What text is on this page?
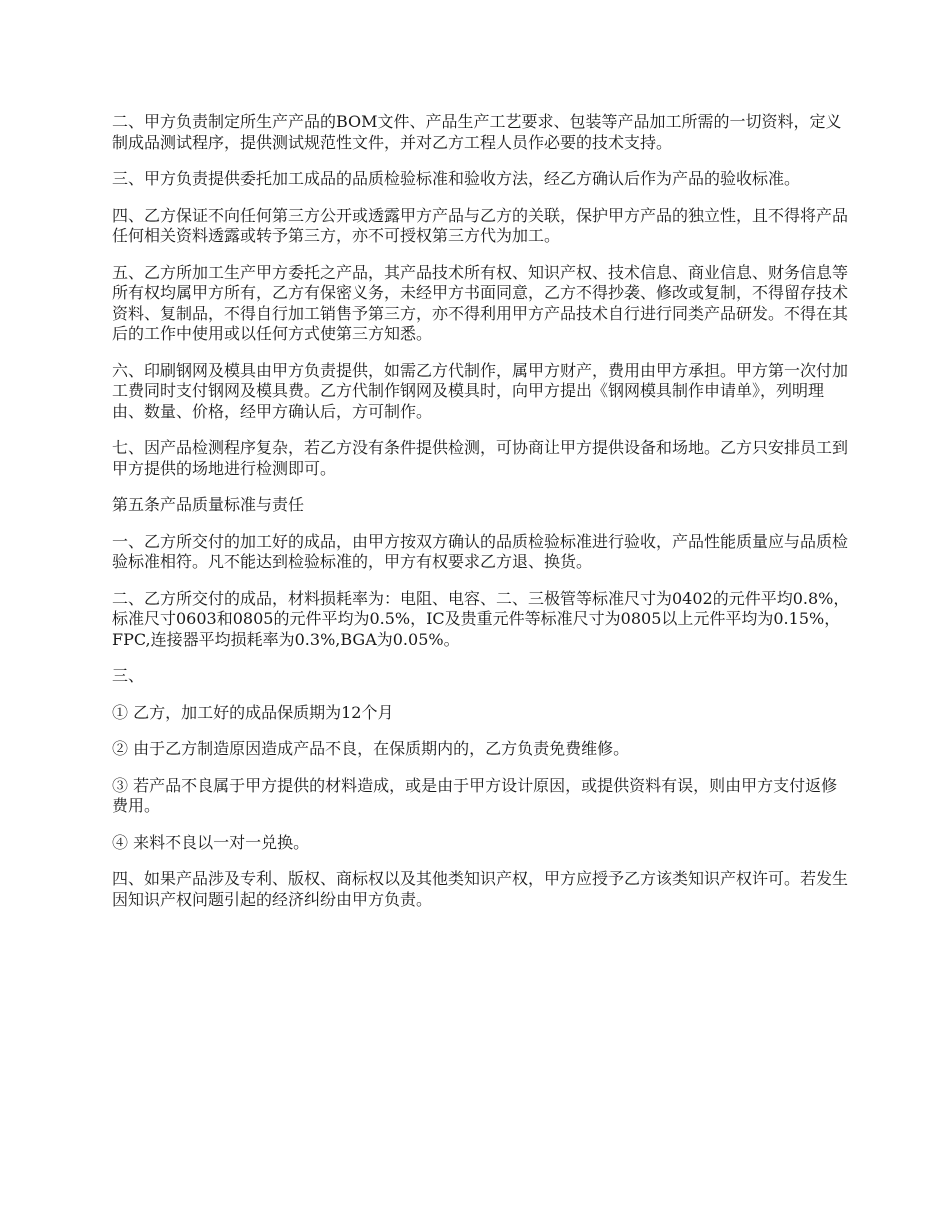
二、甲方负责制定所生产产品的BOM文件、产品生产工艺要求、包装等产品加工所需的一切资料，定义制成品测试程序，提供测试规范性文件，并对乙方工程人员作必要的技术支持。

三、甲方负责提供委托加工成品的品质检验标准和验收方法，经乙方确认后作为产品的验收标准。

四、乙方保证不向任何第三方公开或透露甲方产品与乙方的关联，保护甲方产品的独立性，且不得将产品任何相关资料透露或转予第三方，亦不可授权第三方代为加工。

五、乙方所加工生产甲方委托之产品，其产品技术所有权、知识产权、技术信息、商业信息、财务信息等所有权均属甲方所有，乙方有保密义务，未经甲方书面同意，乙方不得抄袭、修改或复制，不得留存技术资料、复制品，不得自行加工销售予第三方，亦不得利用甲方产品技术自行进行同类产品研发。不得在其后的工作中使用或以任何方式使第三方知悉。

六、印刷钢网及模具由甲方负责提供，如需乙方代制作，属甲方财产，费用由甲方承担。甲方第一次付加工费同时支付钢网及模具费。乙方代制作钢网及模具时，向甲方提出《钢网模具制作申请单》，列明理由、数量、价格，经甲方确认后，方可制作。

七、因产品检测程序复杂，若乙方没有条件提供检测，可协商让甲方提供设备和场地。乙方只安排员工到甲方提供的场地进行检测即可。

第五条产品质量标准与责任

一、乙方所交付的加工好的成品，由甲方按双方确认的品质检验标准进行验收，产品性能质量应与品质检验标准相符。凡不能达到检验标准的，甲方有权要求乙方退、换货。

二、乙方所交付的成品，材料损耗率为：电阻、电容、二、三极管等标准尺寸为0402的元件平均0.8%，标准尺寸0603和0805的元件平均为0.5%，IC及贵重元件等标准尺寸为0805以上元件平均为0.15%，FPC,连接器平均损耗率为0.3%,BGA为0.05%。

三、

① 乙方，加工好的成品保质期为12个月

② 由于乙方制造原因造成产品不良，在保质期内的，乙方负责免费维修。

③ 若产品不良属于甲方提供的材料造成，或是由于甲方设计原因，或提供资料有误，则由甲方支付返修费用。

④ 来料不良以一对一兑换。

四、如果产品涉及专利、版权、商标权以及其他类知识产权，甲方应授予乙方该类知识产权许可。若发生因知识产权问题引起的经济纠纷由甲方负责。
